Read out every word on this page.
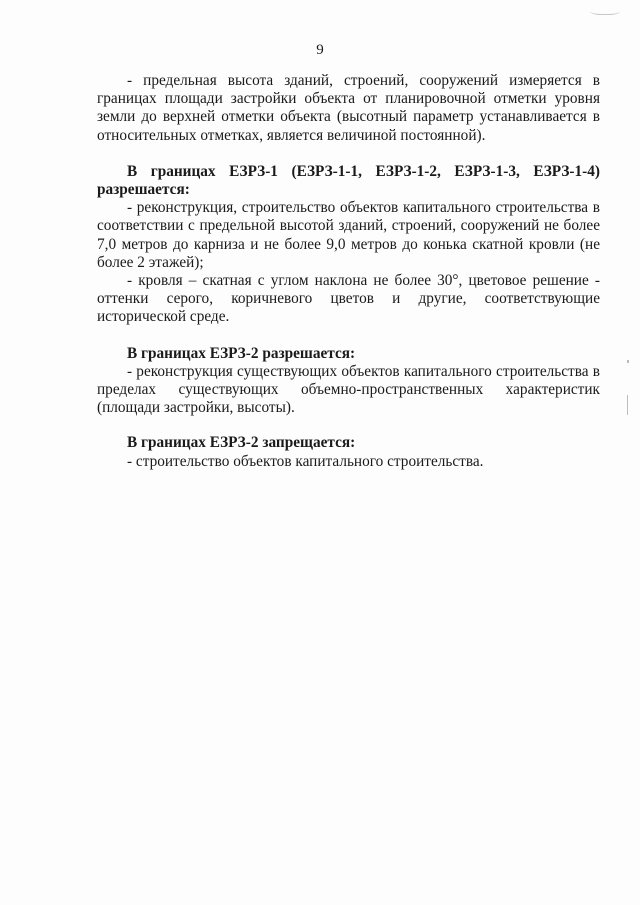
9

- предельная высота зданий, строений, сооружений измеряется в границах площади застройки объекта от планировочной отметки уровня земли до верхней отметки объекта (высотный параметр устанавливается в относительных отметках, является величиной постоянной).

В границах ЕЗРЗ-1 (ЕЗРЗ-1-1, ЕЗРЗ-1-2, ЕЗРЗ-1-3, ЕЗРЗ-1-4) разрешается:

- реконструкция, строительство объектов капитального строительства в соответствии с предельной высотой зданий, строений, сооружений не более 7,0 метров до карниза и не более 9,0 метров до конька скатной кровли (не более 2 этажей);

- кровля – скатная с углом наклона не более 30°, цветовое решение - оттенки серого, коричневого цветов и другие, соответствующие исторической среде.

В границах ЕЗРЗ-2 разрешается:

- реконструкция существующих объектов капитального строительства в пределах существующих объемно-пространственных характеристик (площади застройки, высоты).

В границах ЕЗРЗ-2 запрещается:

- строительство объектов капитального строительства.
